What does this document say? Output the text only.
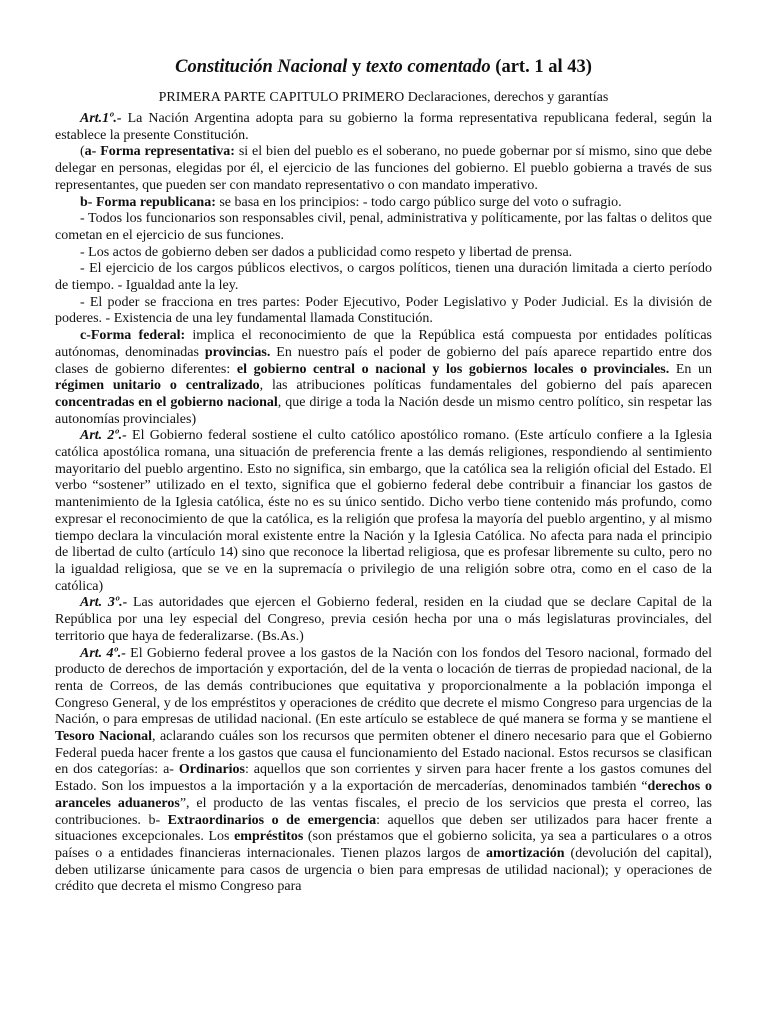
Constitución Nacional y texto comentado (art. 1 al 43)
PRIMERA PARTE CAPITULO PRIMERO Declaraciones, derechos y garantías

Art.1º.- La Nación Argentina adopta para su gobierno la forma representativa republicana federal, según la establece la presente Constitución.

(a- Forma representativa: si el bien del pueblo es el soberano, no puede gobernar por sí mismo, sino que debe delegar en personas, elegidas por él, el ejercicio de las funciones del gobierno. El pueblo gobierna a través de sus representantes, que pueden ser con mandato representativo o con mandato imperativo.

b- Forma republicana: se basa en los principios: - todo cargo público surge del voto o sufragio.

- Todos los funcionarios son responsables civil, penal, administrativa y políticamente, por las faltas o delitos que cometan en el ejercicio de sus funciones.

- Los actos de gobierno deben ser dados a publicidad como respeto y libertad de prensa.

- El ejercicio de los cargos públicos electivos, o cargos políticos, tienen una duración limitada a cierto período de tiempo. - Igualdad ante la ley.

- El poder se fracciona en tres partes: Poder Ejecutivo, Poder Legislativo y Poder Judicial. Es la división de poderes. - Existencia de una ley fundamental llamada Constitución.

c-Forma federal: implica el reconocimiento de que la República está compuesta por entidades políticas autónomas, denominadas provincias. En nuestro país el poder de gobierno del país aparece repartido entre dos clases de gobierno diferentes: el gobierno central o nacional y los gobiernos locales o provinciales. En un régimen unitario o centralizado, las atribuciones políticas fundamentales del gobierno del país aparecen concentradas en el gobierno nacional, que dirige a toda la Nación desde un mismo centro político, sin respetar las autonomías provinciales)

Art. 2º.- El Gobierno federal sostiene el culto católico apostólico romano. (Este artículo confiere a la Iglesia católica apostólica romana, una situación de preferencia frente a las demás religiones, respondiendo al sentimiento mayoritario del pueblo argentino. Esto no significa, sin embargo, que la católica sea la religión oficial del Estado. El verbo “sostener” utilizado en el texto, significa que el gobierno federal debe contribuir a financiar los gastos de mantenimiento de la Iglesia católica, éste no es su único sentido. Dicho verbo tiene contenido más profundo, como expresar el reconocimiento de que la católica, es la religión que profesa la mayoría del pueblo argentino, y al mismo tiempo declara la vinculación moral existente entre la Nación y la Iglesia Católica. No afecta para nada el principio de libertad de culto (artículo 14) sino que reconoce la libertad religiosa, que es profesar libremente su culto, pero no la igualdad religiosa, que se ve en la supremacía o privilegio de una religión sobre otra, como en el caso de la católica)

Art. 3º.- Las autoridades que ejercen el Gobierno federal, residen en la ciudad que se declare Capital de la República por una ley especial del Congreso, previa cesión hecha por una o más legislaturas provinciales, del territorio que haya de federalizarse. (Bs.As.)

Art. 4º.- El Gobierno federal provee a los gastos de la Nación con los fondos del Tesoro nacional, formado del producto de derechos de importación y exportación, del de la venta o locación de tierras de propiedad nacional, de la renta de Correos, de las demás contribuciones que equitativa y proporcionalmente a la población imponga el Congreso General, y de los empréstitos y operaciones de crédito que decrete el mismo Congreso para urgencias de la Nación, o para empresas de utilidad nacional. (En este artículo se establece de qué manera se forma y se mantiene el Tesoro Nacional, aclarando cuáles son los recursos que permiten obtener el dinero necesario para que el Gobierno Federal pueda hacer frente a los gastos que causa el funcionamiento del Estado nacional. Estos recursos se clasifican en dos categorías: a- Ordinarios: aquellos que son corrientes y sirven para hacer frente a los gastos comunes del Estado. Son los impuestos a la importación y a la exportación de mercaderías, denominados también “derechos o aranceles aduaneros”, el producto de las ventas fiscales, el precio de los servicios que presta el correo, las contribuciones. b- Extraordinarios o de emergencia: aquellos que deben ser utilizados para hacer frente a situaciones excepcionales. Los empréstitos (son préstamos que el gobierno solicita, ya sea a particulares o a otros países o a entidades financieras internacionales. Tienen plazos largos de amortización (devolución del capital), deben utilizarse únicamente para casos de urgencia o bien para empresas de utilidad nacional); y operaciones de crédito que decreta el mismo Congreso para
